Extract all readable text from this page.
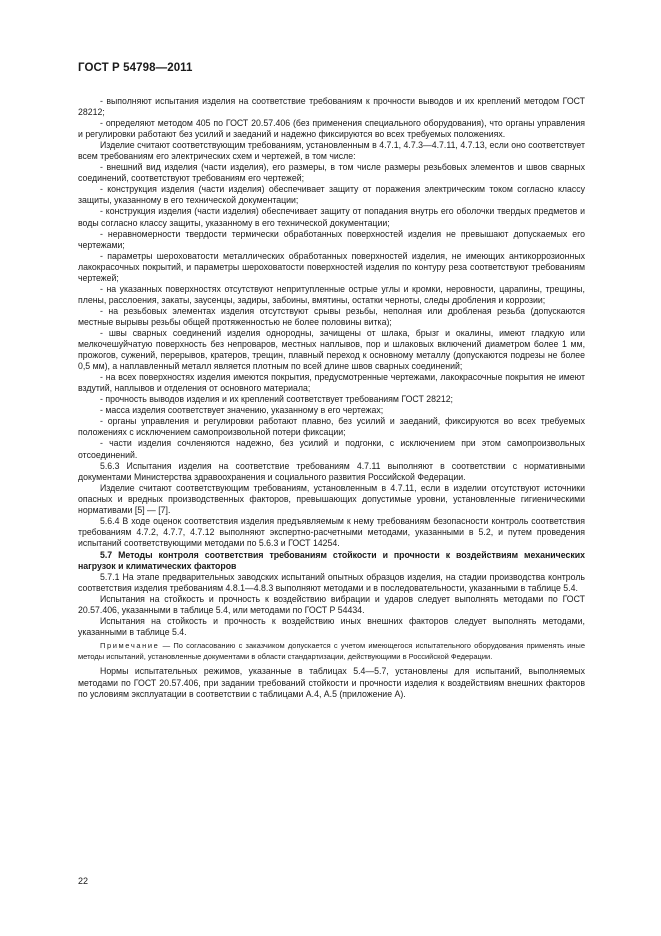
ГОСТ Р 54798—2011

- выполняют испытания изделия на соответствие требованиям к прочности выводов и их креплений методом ГОСТ 28212;

- определяют методом 405 по ГОСТ 20.57.406 (без применения специального оборудования), что органы управления и регулировки работают без усилий и заеданий и надежно фиксируются во всех требуемых положениях.

Изделие считают соответствующим требованиям, установленным в 4.7.1, 4.7.3—4.7.11, 4.7.13, если оно соответствует всем требованиям его электрических схем и чертежей, в том числе:

- внешний вид изделия (части изделия), его размеры, в том числе размеры резьбовых элементов и швов сварных соединений, соответствуют требованиям его чертежей;

- конструкция изделия (части изделия) обеспечивает защиту от поражения электрическим током согласно классу защиты, указанному в его технической документации;

- конструкция изделия (части изделия) обеспечивает защиту от попадания внутрь его оболочки твердых предметов и воды согласно классу защиты, указанному в его технической документации;

- неравномерности твердости термически обработанных поверхностей изделия не превышают допускаемых его чертежами;

- параметры шероховатости металлических обработанных поверхностей изделия, не имеющих антикоррозионных лакокрасочных покрытий, и параметры шероховатости поверхностей изделия по контуру реза соответствуют требованиям чертежей;

- на указанных поверхностях отсутствуют непритупленные острые углы и кромки, неровности, царапины, трещины, плены, расслоения, закаты, заусенцы, задиры, забоины, вмятины, остатки черноты, следы дробления и коррозии;

- на резьбовых элементах изделия отсутствуют срывы резьбы, неполная или дробленая резьба (допускаются местные вырывы резьбы общей протяженностью не более половины витка);

- швы сварных соединений изделия однородны, зачищены от шлака, брызг и окалины, имеют гладкую или мелкочешуйчатую поверхность без непроваров, местных наплывов, пор и шлаковых включений диаметром более 1 мм, прожогов, сужений, перерывов, кратеров, трещин, плавный переход к основному металлу (допускаются подрезы не более 0,5 мм), а наплавленный металл является плотным по всей длине швов сварных соединений;

- на всех поверхностях изделия имеются покрытия, предусмотренные чертежами, лакокрасочные покрытия не имеют вздутий, наплывов и отделения от основного материала;

- прочность выводов изделия и их креплений соответствует требованиям ГОСТ 28212;

- масса изделия соответствует значению, указанному в его чертежах;

- органы управления и регулировки работают плавно, без усилий и заеданий, фиксируются во всех требуемых положениях с исключением самопроизвольной потери фиксации;

- части изделия сочленяются надежно, без усилий и подгонки, с исключением при этом самопроизвольных отсоединений.

5.6.3 Испытания изделия на соответствие требованиям 4.7.11 выполняют в соответствии с нормативными документами Министерства здравоохранения и социального развития Российской Федерации.

Изделие считают соответствующим требованиям, установленным в 4.7.11, если в изделии отсутствуют источники опасных и вредных производственных факторов, превышающих допустимые уровни, установленные гигиеническими нормативами [5] — [7].

5.6.4 В ходе оценок соответствия изделия предъявляемым к нему требованиям безопасности контроль соответствия требованиям 4.7.2, 4.7.7, 4.7.12 выполняют экспертно-расчетными методами, указанными в 5.2, и путем проведения испытаний соответствующими методами по 5.6.3 и ГОСТ 14254.

5.7 Методы контроля соответствия требованиям стойкости и прочности к воздействиям механических нагрузок и климатических факторов

5.7.1 На этапе предварительных заводских испытаний опытных образцов изделия, на стадии производства контроль соответствия изделия требованиям 4.8.1—4.8.3 выполняют методами и в последовательности, указанными в таблице 5.4.

Испытания на стойкость и прочность к воздействию вибрации и ударов следует выполнять методами по ГОСТ 20.57.406, указанными в таблице 5.4, или методами по ГОСТ Р 54434.

Испытания на стойкость и прочность к воздействию иных внешних факторов следует выполнять методами, указанными в таблице 5.4.

Примечание — По согласованию с заказчиком допускается с учетом имеющегося испытательного оборудования применять иные методы испытаний, установленные документами в области стандартизации, действующими в Российской Федерации.

Нормы испытательных режимов, указанные в таблицах 5.4—5.7, установлены для испытаний, выполняемых методами по ГОСТ 20.57.406, при задании требований стойкости и прочности изделия к воздействиям внешних факторов по условиям эксплуатации в соответствии с таблицами А.4, А.5 (приложение А).

22
